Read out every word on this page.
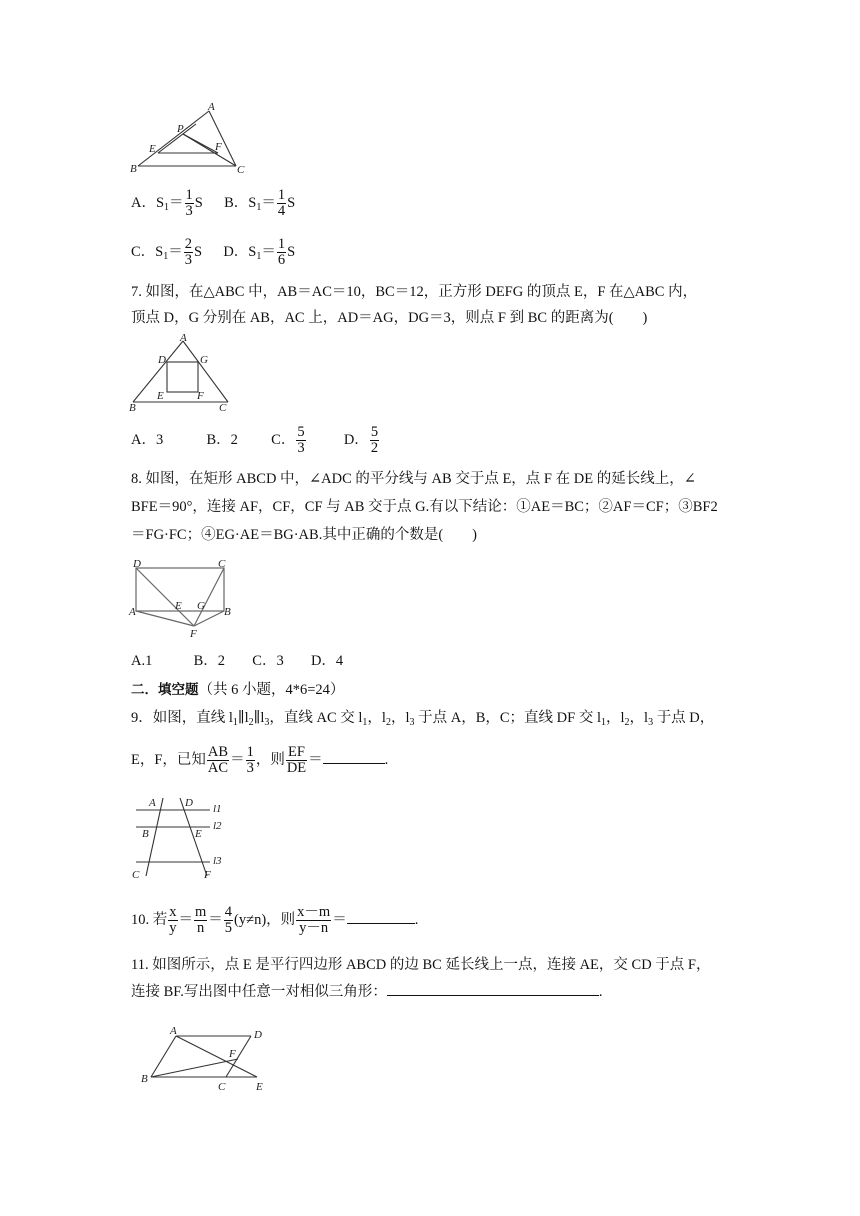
A
P
E	F
B	C
A．$S_1= \frac{1}{3}$ S B．$S_1= \frac{1}{4}$ S
C．$S_1= \frac{2}{3}$ S D．$S_1= \frac{1}{6}$ S
7. 如图，在△ABC 中，AB＝AC＝10，BC＝12，正方形 DEFG 的顶点 E，F 在△ABC 内，
顶点 D，G 分别在 AB，AC 上，AD＝AG，DG＝3，则点 F 到 BC 的距离为(　　)
A
D	G
E	F
B	C
A．3	B．2 C． $\frac{5}{3}$	D． $\frac{5}{2}$
8. 如图，在矩形 ABCD 中，∠ADC 的平分线与 AB 交于点 E，点 F 在 DE 的延长线上，∠
BFE＝90°，连接 AF，CF，CF 与 AB 交于点 G.有以下结论：①AE＝BC；②AF＝CF；③BF2
＝FG·FC；④EG·AE＝BG·AB.其中正确的个数是(　　)
D	C
A	E G B
F
A.1	B．2 C．3 D．4
二．填空题（共 6 小题，4*6=24）
9．如图，直线 $l_1\parallel l_2\parallel l_3$，直线 AC 交 $l_1$，$l_2$，$l_3$ 于点 A，B，C；直线 DF 交 $l_1$，$l_2$，$l_3$ 于点 D，
E，F，已知 $\frac{AB}{AC} = \frac{1}{3}$ ，则 $\frac{EF}{DE}$ ＝	.
A	D
B	E
C	F
l1
l2
l3
10. 若 $\frac{x}{y} = \frac{m}{n} = \frac{4}{5} (y\ne n)$，则 $\frac{x-m}{y-n}$ ＝	.
11. 如图所示，点 E 是平行四边形 ABCD 的边 BC 延长线上一点，连接 AE，交 CD 于点 F，
连接 BF.写出图中任意一对相似三角形：	.
A	D
F
B
C	E
